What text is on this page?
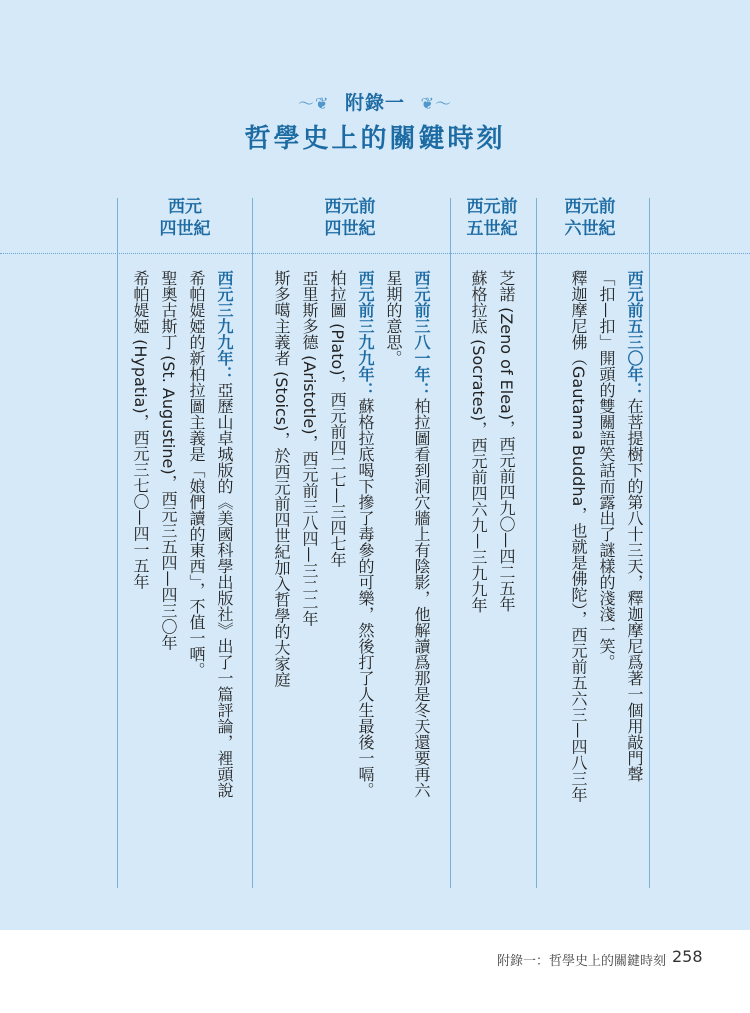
〜❦ 附錄一 ❦〜
哲學史上的關鍵時刻
西元前
六世紀
西元前
五世紀
西元前
四世紀
西元
四世紀
西元前五三〇年：在菩提樹下的第八十三天，釋迦摩尼爲著一個用敲門聲
「扣—扣」開頭的雙關語笑話而露出了謎樣的淺淺一笑。
釋迦摩尼佛（Gautama Buddha，也就是佛陀），西元前五六三—四八三年
芝諾 (Zeno of Elea)，西元前四九〇—四二五年
蘇格拉底 (Socrates)，西元前四六九—三九九年
西元前三八一年：柏拉圖看到洞穴牆上有陰影，他解讀爲那是冬天還要再六
星期的意思。
西元前三九九年：蘇格拉底喝下摻了毒參的可樂，然後打了人生最後一嗝。
柏拉圖 (Plato)，西元前四二七—三四七年
亞里斯多德 (Aristotle)，西元前三八四—三二二年
斯多噶主義者 (Stoics)，於西元前四世紀加入哲學的大家庭
西元三九九年：亞歷山卓城版的《美國科學出版社》出了一篇評論，裡頭說
希帕媞婭的新柏拉圖主義是「娘們讀的東西」，不值一哂。
聖奧古斯丁 (St. Augustine)，西元三五四—四三〇年
希帕媞婭 (Hypatia)，西元三七〇—四一五年
附錄一：哲學史上的關鍵時刻 258
